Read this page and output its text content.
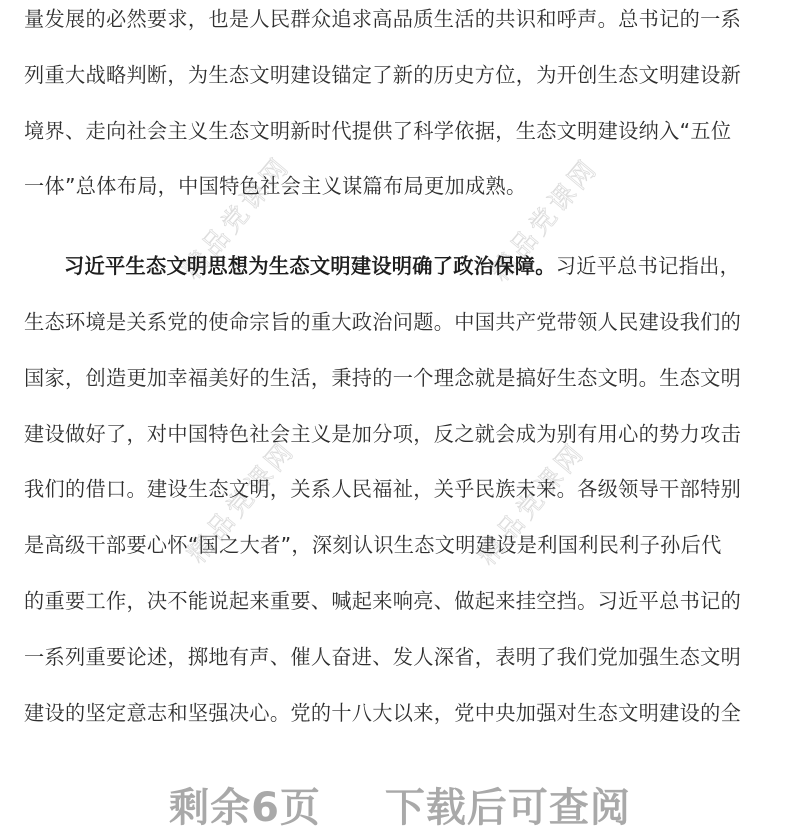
精品党课网	精品党课网
精品党课网	精品党课网

量发展的必然要求，也是人民群众追求高品质生活的共识和呼声。总书记的一系
列重大战略判断，为生态文明建设锚定了新的历史方位，为开创生态文明建设新
境界、走向社会主义生态文明新时代提供了科学依据，生态文明建设纳入“五位
一体”总体布局，中国特色社会主义谋篇布局更加成熟。

习近平生态文明思想为生态文明建设明确了政治保障。习近平总书记指出，
生态环境是关系党的使命宗旨的重大政治问题。中国共产党带领人民建设我们的
国家，创造更加幸福美好的生活，秉持的一个理念就是搞好生态文明。生态文明
建设做好了，对中国特色社会主义是加分项，反之就会成为别有用心的势力攻击
我们的借口。建设生态文明，关系人民福祉，关乎民族未来。各级领导干部特别
是高级干部要心怀“国之大者”，深刻认识生态文明建设是利国利民利子孙后代
的重要工作，决不能说起来重要、喊起来响亮、做起来挂空挡。习近平总书记的
一系列重要论述，掷地有声、催人奋进、发人深省，表明了我们党加强生态文明
建设的坚定意志和坚强决心。党的十八大以来，党中央加强对生态文明建设的全

剩余6页 下载后可查阅
